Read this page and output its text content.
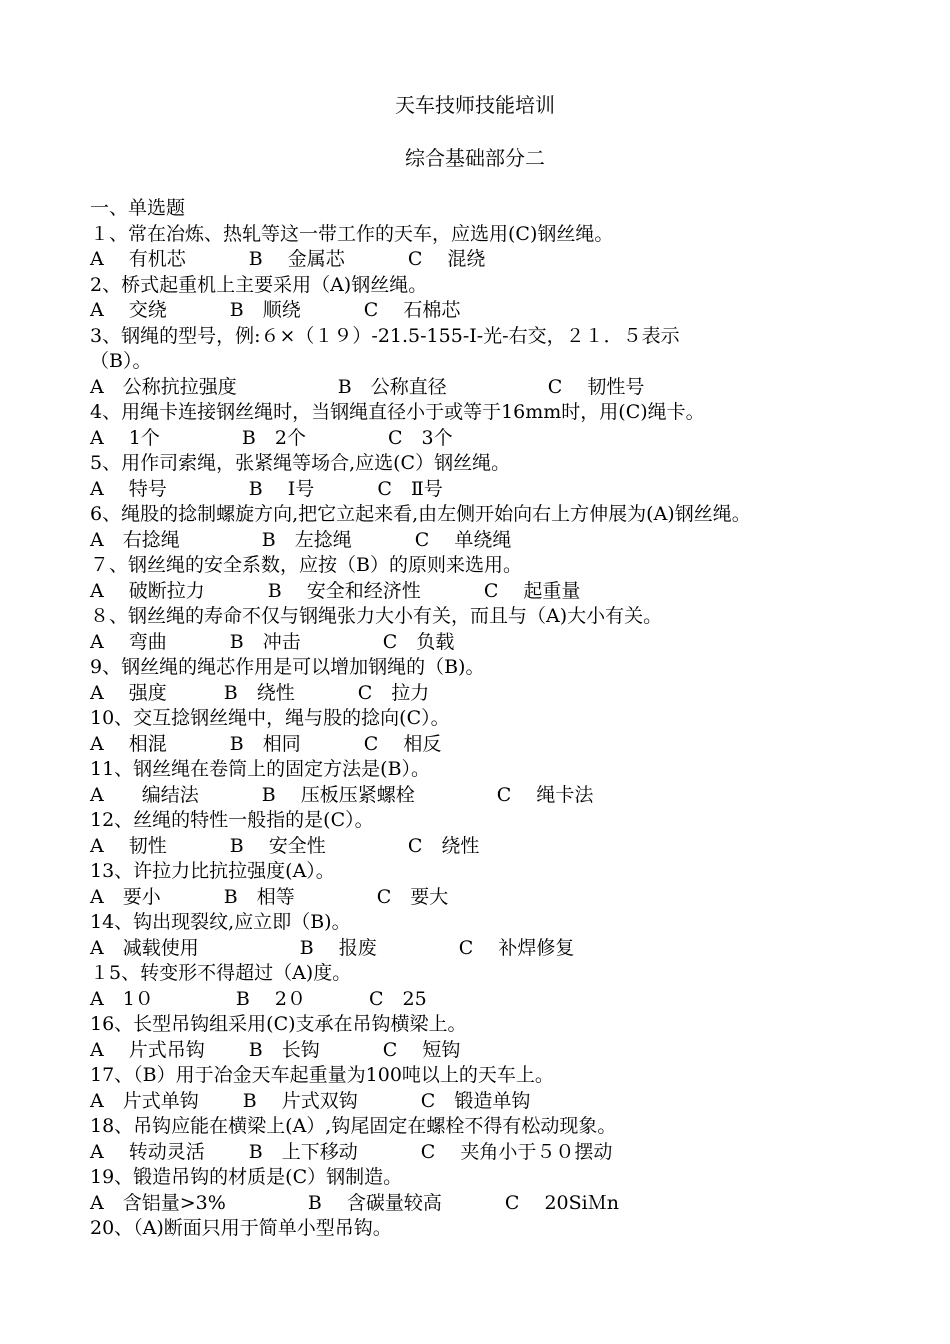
天车技师技能培训
综合基础部分二
一、单选题
１、常在冶炼、热轧等这一带工作的天车，应选用(C)钢丝绳。
A　 有机芯　　　 B　 金属芯　　　 C　 混绕
2、桥式起重机上主要采用（A)钢丝绳。
A　 交绕　　　 B　顺绕　　　 C　 石棉芯
3、钢绳的型号，例:６×（１９）-21.5-155-Ⅰ-光-右交，２１．５表示
（B）。
A　公称抗拉强度　　　　　 B　公称直径　　　　　 C　 韧性号
4、用绳卡连接钢丝绳时，当钢绳直径小于或等于16mm时，用(C)绳卡。
A　 1个　　　　 B　2个　　　　 C　3个
5、用作司索绳，张紧绳等场合,应选(C）钢丝绳。
A　 特号　　　　 B　 Ⅰ号　　　 C　Ⅱ号
6、绳股的捻制螺旋方向,把它立起来看,由左侧开始向右上方伸展为(A)钢丝绳。
A　右捻绳　　　　 B　左捻绳　　　 C　 单绕绳
７、钢丝绳的安全系数，应按（B）的原则来选用。
A　 破断拉力　　　 B　 安全和经济性　　　 C　 起重量
８、钢丝绳的寿命不仅与钢绳张力大小有关，而且与（A)大小有关。
A　 弯曲　　　 B　冲击　　　　 C　负载
9、钢丝绳的绳芯作用是可以增加钢绳的（B)。
A　 强度　　　B　绕性　　　 C　拉力
10、交互捻钢丝绳中，绳与股的捻向(C）。
A　 相混　　　 B　相同　　　 C　 相反
11、钢丝绳在卷筒上的固定方法是(B）。
A　　编结法　　　 B　 压板压紧螺栓　　　　 C　 绳卡法
12、丝绳的特性一般指的是(C）。
A　 韧性　　　 B　 安全性　　　　 C　绕性
13、许拉力比抗拉强度(A）。
A　要小　　　 B　相等　　　　 C　要大
14、钩出现裂纹,应立即（B)。
A　减载使用　　　　　 B　 报废　　　　 C　 补焊修复
１5、转变形不得超过（A)度。
A　1０　　　　 B　 2０　　　 C　25
16、长型吊钩组采用(C)支承在吊钩横梁上。
A　 片式吊钩　　 B　长钩　　　 C　 短钩
17、（B）用于冶金天车起重量为100吨以上的天车上。
A　片式单钩　　 B　 片式双钩　　　 C　锻造单钩
18、吊钩应能在横梁上(A）,钩尾固定在螺栓不得有松动现象。
A　 转动灵活　　 B　上下移动　　　 C　 夹角小于５０摆动
19、锻造吊钩的材质是(C）钢制造。
A　含铝量>3%　　　　 B　 含碳量较高　　　 C　 20SiＭn
20、（A)断面只用于简单小型吊钩。
